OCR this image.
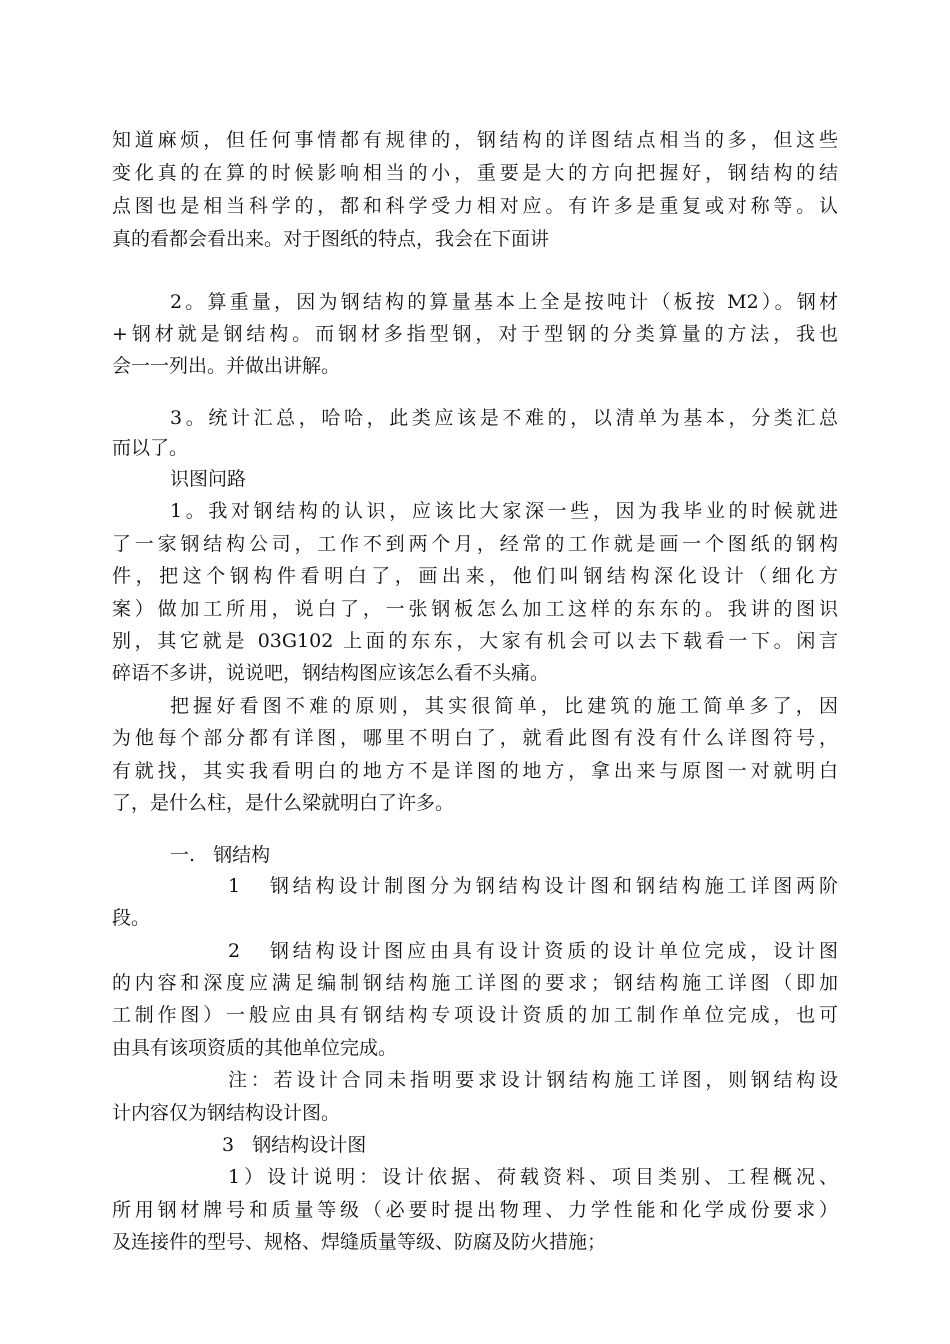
知道麻烦，但任何事情都有规律的，钢结构的详图结点相当的多，但这些
变化真的在算的时候影响相当的小，重要是大的方向把握好，钢结构的结
点图也是相当科学的，都和科学受力相对应。有许多是重复或对称等。认
真的看都会看出来。对于图纸的特点，我会在下面讲
2。算重量，因为钢结构的算量基本上全是按吨计（板按 M2）。钢材
+钢材就是钢结构。而钢材多指型钢，对于型钢的分类算量的方法，我也
会一一列出。并做出讲解。
3。统计汇总，哈哈，此类应该是不难的，以清单为基本，分类汇总
而以了。
识图问路
1。我对钢结构的认识，应该比大家深一些，因为我毕业的时候就进
了一家钢结构公司，工作不到两个月，经常的工作就是画一个图纸的钢构
件，把这个钢构件看明白了，画出来，他们叫钢结构深化设计（细化方
案）做加工所用，说白了，一张钢板怎么加工这样的东东的。我讲的图识
别，其它就是 03G102 上面的东东，大家有机会可以去下载看一下。闲言
碎语不多讲，说说吧，钢结构图应该怎么看不头痛。
把握好看图不难的原则，其实很简单，比建筑的施工简单多了，因
为他每个部分都有详图，哪里不明白了，就看此图有没有什么详图符号，
有就找，其实我看明白的地方不是详图的地方，拿出来与原图一对就明白
了，是什么柱，是什么梁就明白了许多。
一.   钢结构
1   钢结构设计制图分为钢结构设计图和钢结构施工详图两阶
段。
2   钢结构设计图应由具有设计资质的设计单位完成，设计图
的内容和深度应满足编制钢结构施工详图的要求；钢结构施工详图（即加
工制作图）一般应由具有钢结构专项设计资质的加工制作单位完成，也可
由具有该项资质的其他单位完成。
注：若设计合同未指明要求设计钢结构施工详图，则钢结构设
计内容仅为钢结构设计图。
3   钢结构设计图
1）设计说明：设计依据、荷载资料、项目类别、工程概况、
所用钢材牌号和质量等级（必要时提出物理、力学性能和化学成份要求）
及连接件的型号、规格、焊缝质量等级、防腐及防火措施；
